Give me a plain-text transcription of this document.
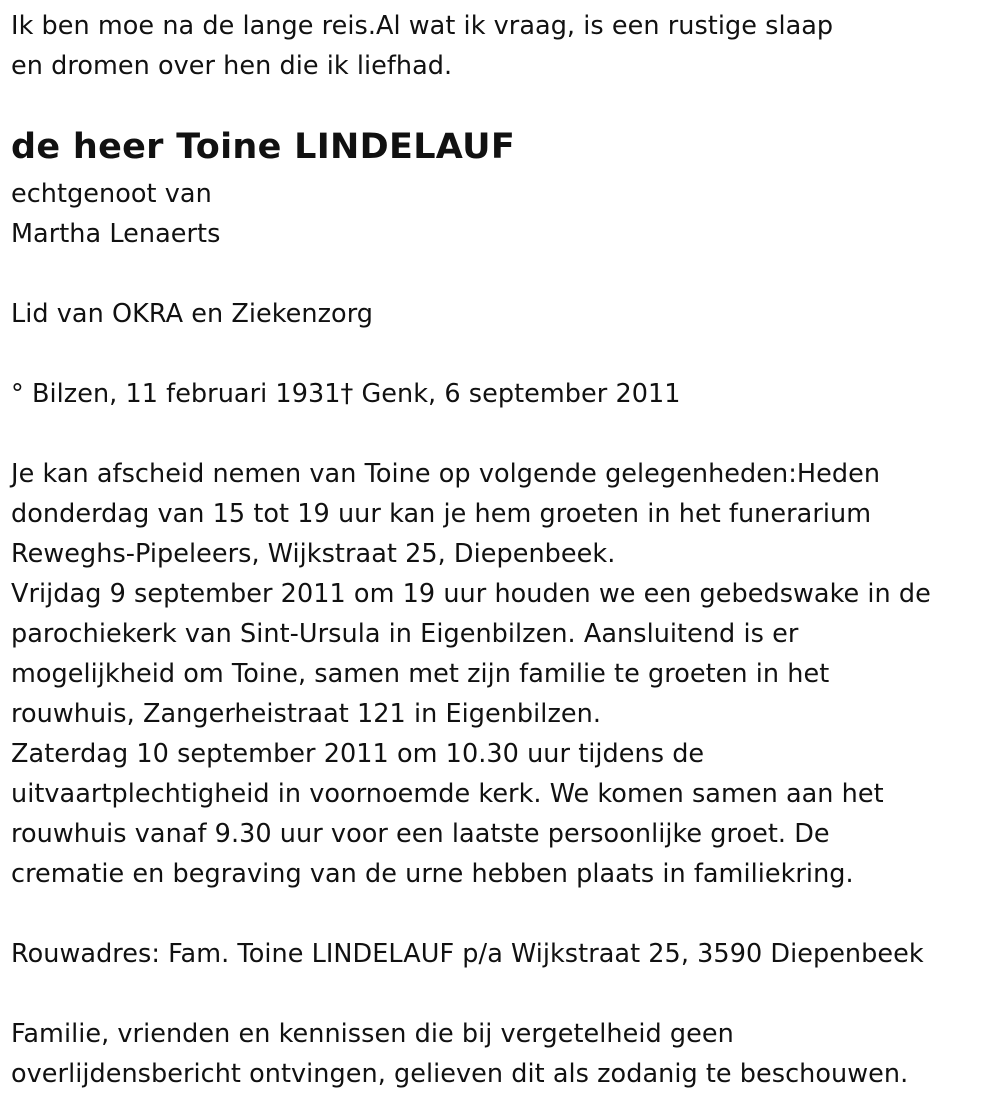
Ik ben moe na de lange reis.Al wat ik vraag, is een rustige slaap
en dromen over hen die ik liefhad.
de heer Toine LINDELAUF
echtgenoot van
Martha Lenaerts
Lid van OKRA en Ziekenzorg
° Bilzen, 11 februari 1931† Genk, 6 september 2011
Je kan afscheid nemen van Toine op volgende gelegenheden:Heden
donderdag van 15 tot 19 uur kan je hem groeten in het funerarium
Reweghs-Pipeleers, Wijkstraat 25, Diepenbeek.
Vrijdag 9 september 2011 om 19 uur houden we een gebedswake in de
parochiekerk van Sint-Ursula in Eigenbilzen. Aansluitend is er
mogelijkheid om Toine, samen met zijn familie te groeten in het
rouwhuis, Zangerheistraat 121 in Eigenbilzen.
Zaterdag 10 september 2011 om 10.30 uur tijdens de
uitvaartplechtigheid in voornoemde kerk. We komen samen aan het
rouwhuis vanaf 9.30 uur voor een laatste persoonlijke groet. De
crematie en begraving van de urne hebben plaats in familiekring.
Rouwadres: Fam. Toine LINDELAUF p/a Wijkstraat 25, 3590 Diepenbeek
Familie, vrienden en kennissen die bij vergetelheid geen
overlijdensbericht ontvingen, gelieven dit als zodanig te beschouwen.
